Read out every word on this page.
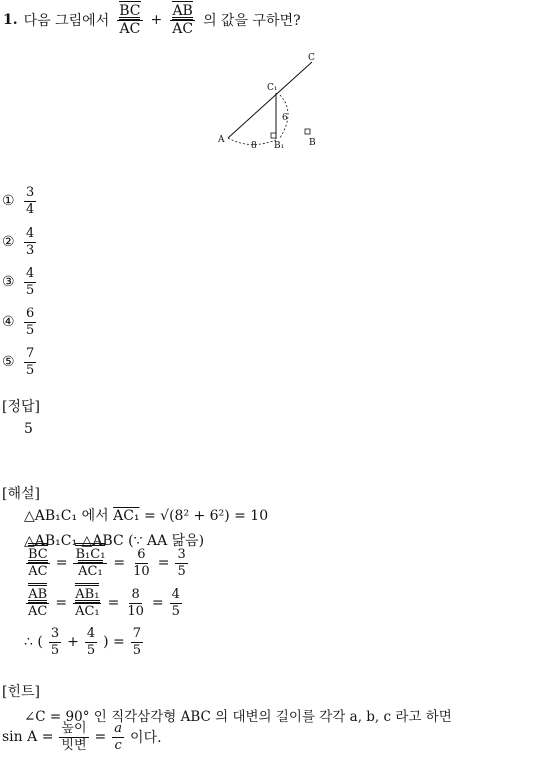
1. 다음 그림에서 $\frac{BC}{AC} + \frac{AB}{AC}$ 의 값을 구하면?
C
C₁
A
B₁	B
6
8
① $\frac{3}{4}$
② $\frac{4}{3}$
③ $\frac{4}{5}$
④ $\frac{6}{5}$
⑤ $\frac{7}{5}$
[정답]
5
[해설]
△AB₁C₁ 에서 AC₁ = √(8² + 6²) = 10
△AB₁C₁ △ABC (∵ AA 닮음)
$\frac{BC}{AC} = \frac{\text{B₁C₁}}{\text{AC₁}} = \frac{6}{10} = \frac{3}{5}$
$\frac{AB}{AC} = \frac{\text{AB₁}}{\text{AC₁}} = \frac{8}{10} = \frac{4}{5}$
∴ ( $\frac{3}{5} + \frac{4}{5}$ ) = $\frac{7}{5}$
[힌트]
∠C = 90° 인 직각삼각형 ABC 의 대변의 길이를 각각 a, b, c 라고 하면
$\sin A = \frac{\text{높이}}{\text{빗변}} = \frac{a}{c}$ 이다.
